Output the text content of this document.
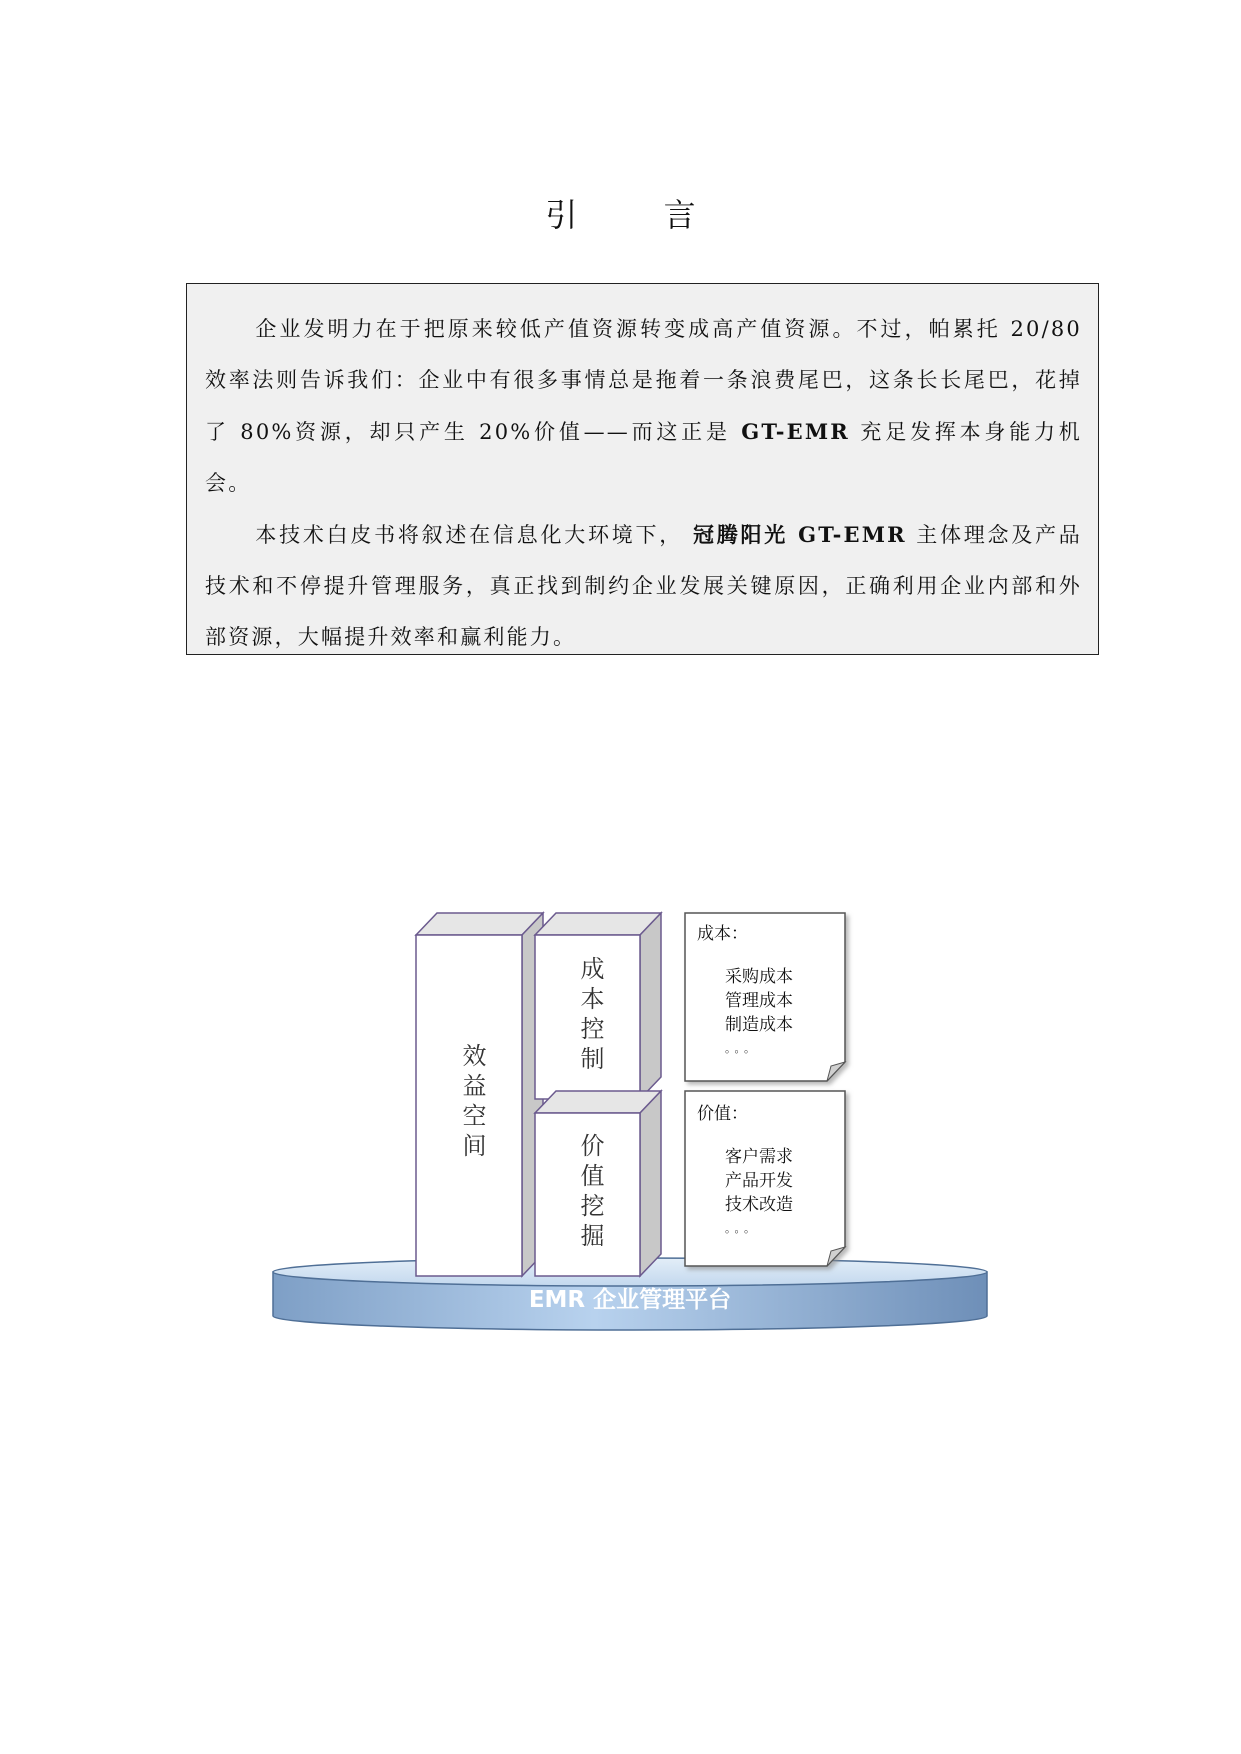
引 言

企业发明力在于把原来较低产值资源转变成高产值资源。不过，帕累托 20/80 效率法则告诉我们：企业中有很多事情总是拖着一条浪费尾巴，这条长长尾巴，花掉了 80%资源，却只产生 20%价值——而这正是 GT-EMR 充足发挥本身能力机会。

本技术白皮书将叙述在信息化大环境下， 冠腾阳光 GT-EMR 主体理念及产品技术和不停提升管理服务，真正找到制约企业发展关键原因，正确利用企业内部和外部资源，大幅提升效率和赢利能力。

效益空间
成本控制
价值挖掘
成本：
采购成本
管理成本
制造成本
。。。
价值：
客户需求
产品开发
技术改造
。。。
EMR 企业管理平台
